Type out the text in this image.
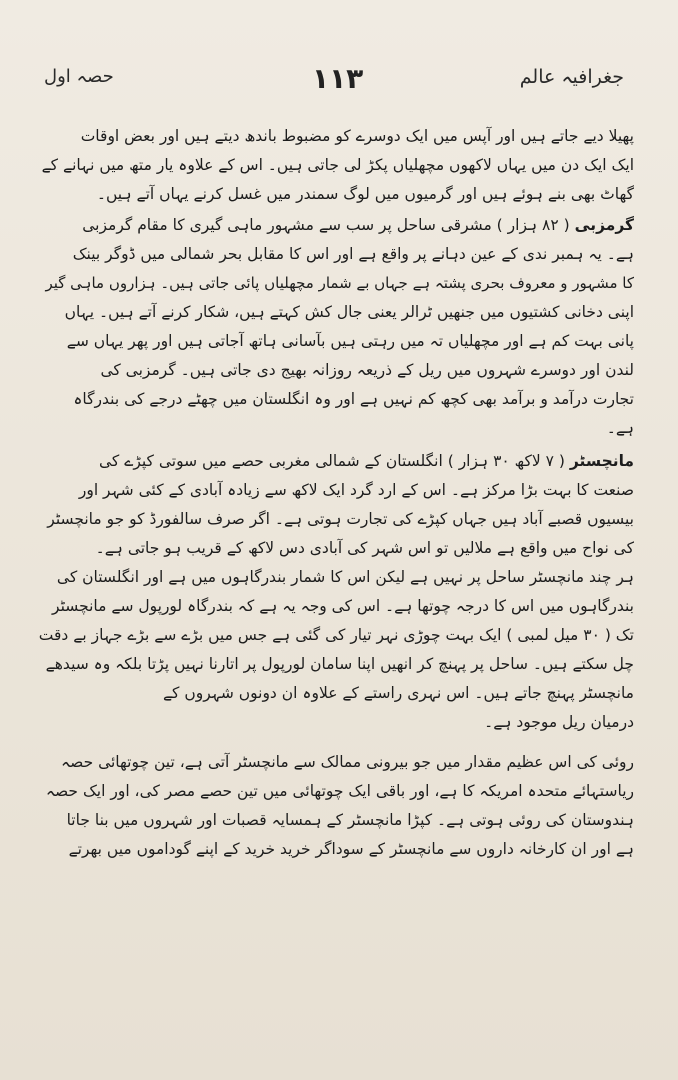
جغرافیہ عالم
۱۱۳
حصہ اول
پھیلا دیے جاتے ہیں اور آپس میں ایک دوسرے کو مضبوط باندھ دیتے ہیں اور بعض اوقات
ایک ایک دن میں یہاں لاکھوں مچھلیاں پکڑ لی جاتی ہیں۔ اس کے علاوہ یار متھ میں نہانے کے
گھاٹ بھی بنے ہوئے ہیں اور گرمیوں میں لوگ سمندر میں غسل کرنے یہاں آتے ہیں۔
گرمزبی ( ۸۲ ہزار ) مشرقی ساحل پر سب سے مشہور ماہی گیری کا مقام گرمزبی
ہے۔ یہ ہمبر ندی کے عین دہانے پر واقع ہے اور اس کا مقابل بحر شمالی میں ڈوگر بینک
کا مشہور و معروف بحری پشتہ ہے جہاں بے شمار مچھلیاں پائی جاتی ہیں۔ ہزاروں ماہی گیر
اپنی دخانی کشتیوں میں جنھیں ٹرالر یعنی جال کش کہتے ہیں، شکار کرنے آتے ہیں۔ یہاں
پانی بہت کم ہے اور مچھلیاں تہ میں رہتی ہیں بآسانی ہاتھ آجاتی ہیں اور پھر یہاں سے
لندن اور دوسرے شہروں میں ریل کے ذریعہ روزانہ بھیج دی جاتی ہیں۔ گرمزبی کی
تجارت درآمد و برآمد بھی کچھ کم نہیں ہے اور وہ انگلستان میں چھٹے درجے کی بندرگاہ
ہے۔
مانچسٹر ( ۷ لاکھ ۳۰ ہزار ) انگلستان کے شمالی مغربی حصے میں سوتی کپڑے کی
صنعت کا بہت بڑا مرکز ہے۔ اس کے ارد گرد ایک لاکھ سے زیادہ آبادی کے کئی شہر اور
بیسیوں قصبے آباد ہیں جہاں کپڑے کی تجارت ہوتی ہے۔ اگر صرف سالفورڈ کو جو مانچسٹر
کی نواح میں واقع ہے ملالیں تو اس شہر کی آبادی دس لاکھ کے قریب ہو جاتی ہے۔
ہر چند مانچسٹر ساحل پر نہیں ہے لیکن اس کا شمار بندرگاہوں میں ہے اور انگلستان کی
بندرگاہوں میں اس کا درجہ چوتھا ہے۔ اس کی وجہ یہ ہے کہ بندرگاہ لورپول سے مانچسٹر
تک ( ۳۰ میل لمبی ) ایک بہت چوڑی نہر تیار کی گئی ہے جس میں بڑے سے بڑے جہاز بے دقت
چل سکتے ہیں۔ ساحل پر پہنچ کر انھیں اپنا سامان لورپول پر اتارنا نہیں پڑتا بلکہ وہ سیدھے
مانچسٹر پہنچ جاتے ہیں۔ اس نہری راستے کے علاوہ ان دونوں شہروں کے
درمیان ریل موجود ہے۔
روئی کی اس عظیم مقدار میں جو بیرونی ممالک سے مانچسٹر آتی ہے، تین چوتھائی حصہ
ریاستہائے متحدہ امریکہ کا ہے، اور باقی ایک چوتھائی میں تین حصے مصر کی، اور ایک حصہ
ہندوستان کی روئی ہوتی ہے۔ کپڑا مانچسٹر کے ہمسایہ قصبات اور شہروں میں بنا جاتا
ہے اور ان کارخانہ داروں سے مانچسٹر کے سوداگر خرید خرید کے اپنے گوداموں میں بھرتے
